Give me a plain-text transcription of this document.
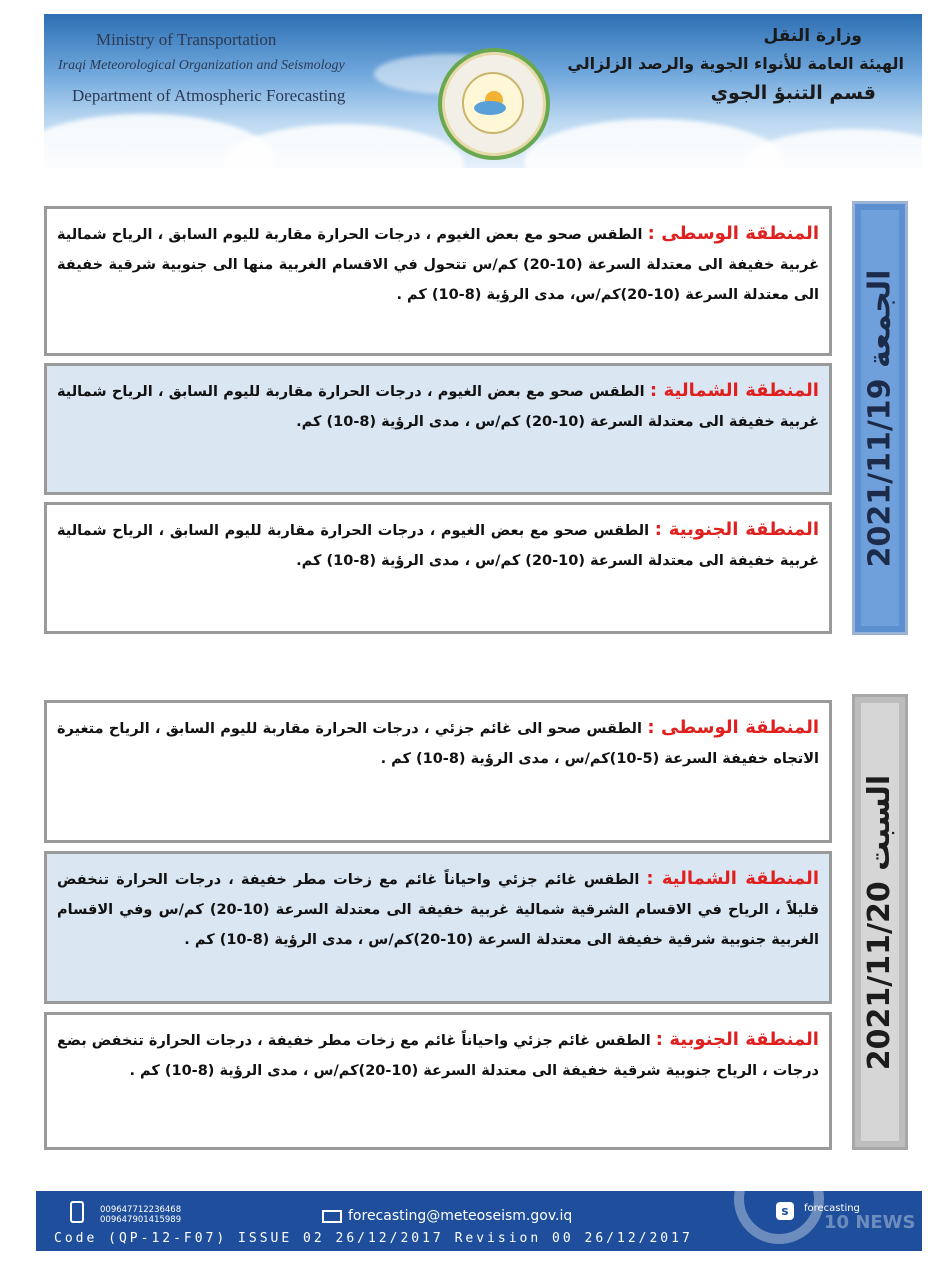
Ministry of Transportation
Iraqi Meteorological Organization and Seismology
Department of Atmospheric Forecasting
وزارة النقل
الهيئة العامة للأنواء الجوية والرصد الزلزالي
قسم التنبؤ الجوي
الجمعة 2021/11/19

المنطقة الوسطى : الطقس صحو مع بعض الغيوم ، درجات الحرارة مقاربة لليوم السابق ، الرياح شمالية غربية خفيفة الى معتدلة السرعة (10-20) كم/س تتحول في الاقسام الغربية منها الى جنوبية شرقية خفيفة الى معتدلة السرعة (10-20)كم/س، مدى الرؤية (8-10) كم .

المنطقة الشمالية : الطقس صحو مع بعض الغيوم ، درجات الحرارة مقاربة لليوم السابق ، الرياح شمالية غربية خفيفة الى معتدلة السرعة (10-20) كم/س ، مدى الرؤية (8-10) كم.

المنطقة الجنوبية : الطقس صحو مع بعض الغيوم ، درجات الحرارة مقاربة لليوم السابق ، الرياح شمالية غربية خفيفة الى معتدلة السرعة (10-20) كم/س ، مدى الرؤية (8-10) كم.

السبت 2021/11/20

المنطقة الوسطى : الطقس صحو الى غائم جزئي ، درجات الحرارة مقاربة لليوم السابق ، الرياح متغيرة الاتجاه خفيفة السرعة (5-10)كم/س ، مدى الرؤية (8-10) كم .

المنطقة الشمالية : الطقس غائم جزئي واحياناً غائم مع زخات مطر خفيفة ، درجات الحرارة تنخفض قليلاً ، الرياح في الاقسام الشرقية شمالية غربية خفيفة الى معتدلة السرعة (10-20) كم/س وفي الاقسام الغربية جنوبية شرقية خفيفة الى معتدلة السرعة (10-20)كم/س ، مدى الرؤية (8-10) كم .

المنطقة الجنوبية : الطقس غائم جزئي واحياناً غائم مع زخات مطر خفيفة ، درجات الحرارة تنخفض بضع درجات ، الرياح جنوبية شرقية خفيفة الى معتدلة السرعة (10-20)كم/س ، مدى الرؤية (8-10) كم .

009647712236468
009647901415989	forecasting@meteoseism.gov.iq	s	forecasting
Code (QP-12-F07) ISSUE 02 26/12/2017 Revision 00 26/12/2017
10 NEWS
